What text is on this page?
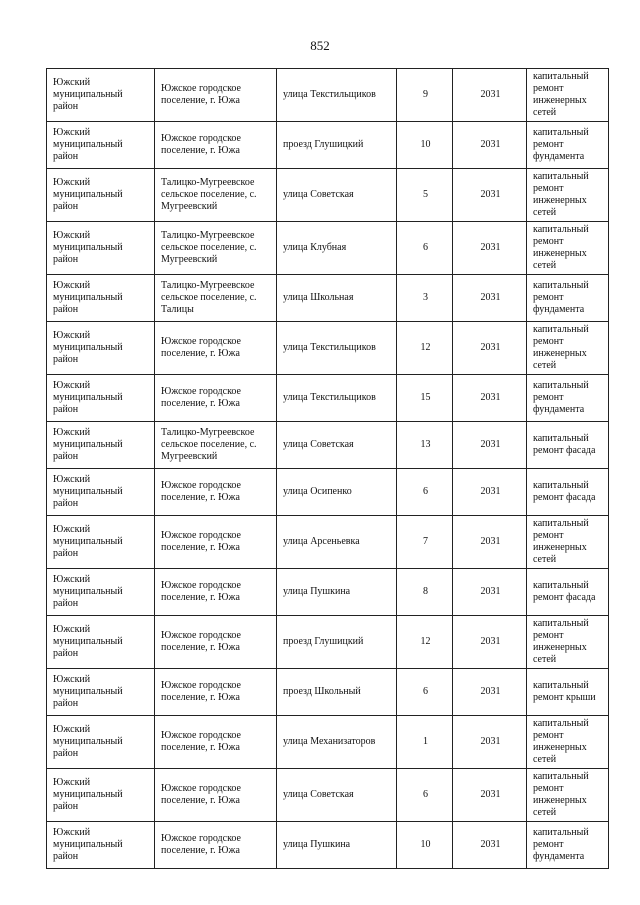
852
Южский муниципальный район	Южское городское поселение, г. Южа	улица Текстильщиков	9	2031	капитальный ремонт инженерных сетей
Южский муниципальный район	Южское городское поселение, г. Южа	проезд Глушицкий	10	2031	капитальный ремонт фундамента
Южский муниципальный район	Талицко-Мугреевское сельское поселение, с. Мугреевский	улица Советская	5	2031	капитальный ремонт инженерных сетей
Южский муниципальный район	Талицко-Мугреевское сельское поселение, с. Мугреевский	улица Клубная	6	2031	капитальный ремонт инженерных сетей
Южский муниципальный район	Талицко-Мугреевское сельское поселение, с. Талицы	улица Школьная	3	2031	капитальный ремонт фундамента
Южский муниципальный район	Южское городское поселение, г. Южа	улица Текстильщиков	12	2031	капитальный ремонт инженерных сетей
Южский муниципальный район	Южское городское поселение, г. Южа	улица Текстильщиков	15	2031	капитальный ремонт фундамента
Южский муниципальный район	Талицко-Мугреевское сельское поселение, с. Мугреевский	улица Советская	13	2031	капитальный ремонт фасада
Южский муниципальный район	Южское городское поселение, г. Южа	улица Осипенко	6	2031	капитальный ремонт фасада
Южский муниципальный район	Южское городское поселение, г. Южа	улица Арсеньевка	7	2031	капитальный ремонт инженерных сетей
Южский муниципальный район	Южское городское поселение, г. Южа	улица Пушкина	8	2031	капитальный ремонт фасада
Южский муниципальный район	Южское городское поселение, г. Южа	проезд Глушицкий	12	2031	капитальный ремонт инженерных сетей
Южский муниципальный район	Южское городское поселение, г. Южа	проезд Школьный	6	2031	капитальный ремонт крыши
Южский муниципальный район	Южское городское поселение, г. Южа	улица Механизаторов	1	2031	капитальный ремонт инженерных сетей
Южский муниципальный район	Южское городское поселение, г. Южа	улица Советская	6	2031	капитальный ремонт инженерных сетей
Южский муниципальный район	Южское городское поселение, г. Южа	улица Пушкина	10	2031	капитальный ремонт фундамента
